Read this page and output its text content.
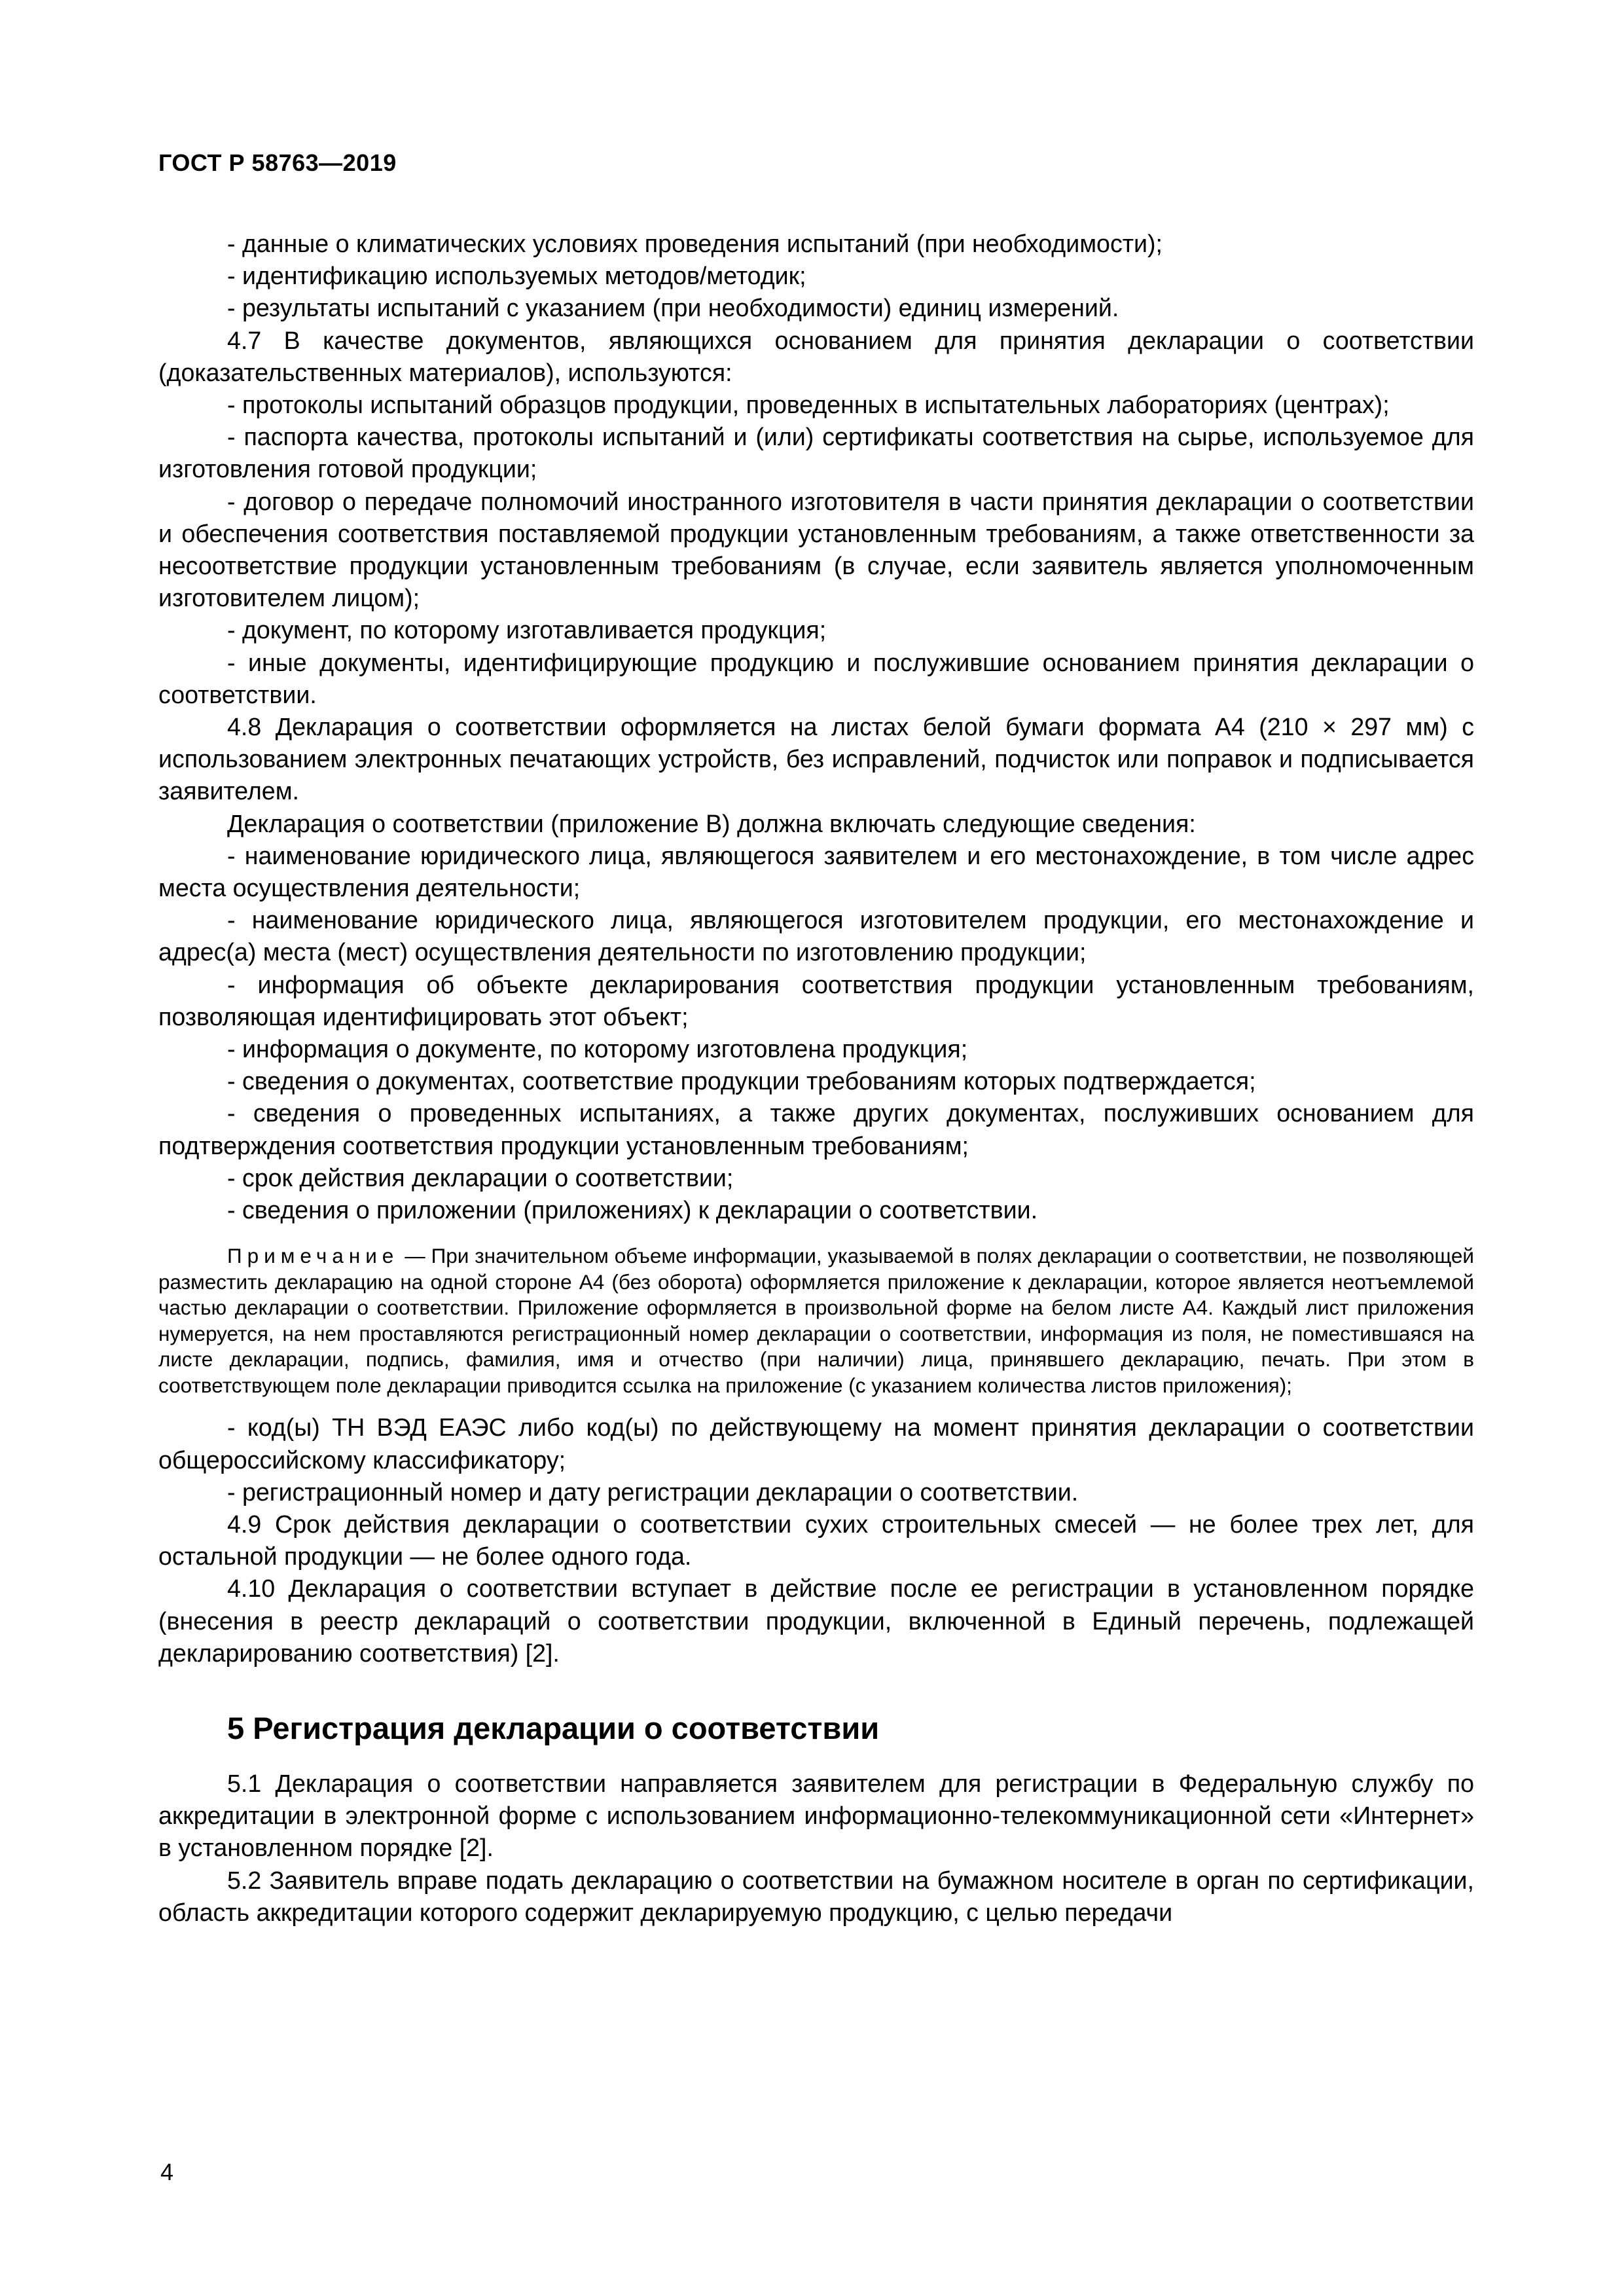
ГОСТ Р 58763—2019

- данные о климатических условиях проведения испытаний (при необходимости);

- идентификацию используемых методов/методик;

- результаты испытаний с указанием (при необходимости) единиц измерений.

4.7 В качестве документов, являющихся основанием для принятия декларации о соответствии (доказательственных материалов), используются:

- протоколы испытаний образцов продукции, проведенных в испытательных лабораториях (центрах);

- паспорта качества, протоколы испытаний и (или) сертификаты соответствия на сырье, используемое для изготовления готовой продукции;

- договор о передаче полномочий иностранного изготовителя в части принятия декларации о соответствии и обеспечения соответствия поставляемой продукции установленным требованиям, а также ответственности за несоответствие продукции установленным требованиям (в случае, если заявитель является уполномоченным изготовителем лицом);

- документ, по которому изготавливается продукция;

- иные документы, идентифицирующие продукцию и послужившие основанием принятия декларации о соответствии.

4.8 Декларация о соответствии оформляется на листах белой бумаги формата А4 (210 × 297 мм) с использованием электронных печатающих устройств, без исправлений, подчисток или поправок и подписывается заявителем.

Декларация о соответствии (приложение В) должна включать следующие сведения:

- наименование юридического лица, являющегося заявителем и его местонахождение, в том числе адрес места осуществления деятельности;

- наименование юридического лица, являющегося изготовителем продукции, его местонахождение и адрес(а) места (мест) осуществления деятельности по изготовлению продукции;

- информация об объекте декларирования соответствия продукции установленным требованиям, позволяющая идентифицировать этот объект;

- информация о документе, по которому изготовлена продукция;

- сведения о документах, соответствие продукции требованиям которых подтверждается;

- сведения о проведенных испытаниях, а также других документах, послуживших основанием для подтверждения соответствия продукции установленным требованиям;

- срок действия декларации о соответствии;

- сведения о приложении (приложениях) к декларации о соответствии.

Примечание — При значительном объеме информации, указываемой в полях декларации о соответствии, не позволяющей разместить декларацию на одной стороне А4 (без оборота) оформляется приложение к декларации, которое является неотъемлемой частью декларации о соответствии. Приложение оформляется в произвольной форме на белом листе А4. Каждый лист приложения нумеруется, на нем проставляются регистрационный номер декларации о соответствии, информация из поля, не поместившаяся на листе декларации, подпись, фамилия, имя и отчество (при наличии) лица, принявшего декларацию, печать. При этом в соответствующем поле декларации приводится ссылка на приложение (с указанием количества листов приложения);

- код(ы) ТН ВЭД ЕАЭС либо код(ы) по действующему на момент принятия декларации о соответствии общероссийскому классификатору;

- регистрационный номер и дату регистрации декларации о соответствии.

4.9 Срок действия декларации о соответствии сухих строительных смесей — не более трех лет, для остальной продукции — не более одного года.

4.10 Декларация о соответствии вступает в действие после ее регистрации в установленном порядке (внесения в реестр деклараций о соответствии продукции, включенной в Единый перечень, подлежащей декларированию соответствия) [2].

5 Регистрация декларации о соответствии

5.1 Декларация о соответствии направляется заявителем для регистрации в Федеральную службу по аккредитации в электронной форме с использованием информационно-телекоммуникационной сети «Интернет» в установленном порядке [2].

5.2 Заявитель вправе подать декларацию о соответствии на бумажном носителе в орган по сертификации, область аккредитации которого содержит декларируемую продукцию, с целью передачи

4
